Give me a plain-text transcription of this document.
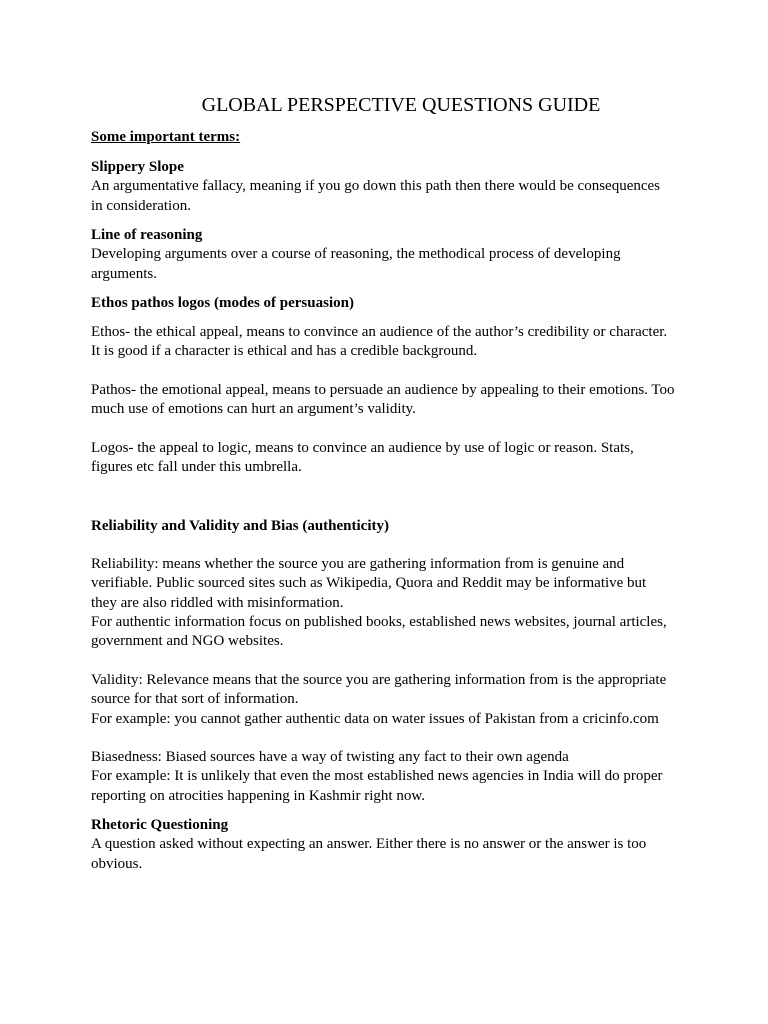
GLOBAL PERSPECTIVE QUESTIONS GUIDE
Some important terms:
Slippery Slope
An argumentative fallacy, meaning if you go down this path then there would be consequences
in consideration.
Line of reasoning
Developing arguments over a course of reasoning, the methodical process of developing
arguments.
Ethos pathos logos (modes of persuasion)
Ethos- the ethical appeal, means to convince an audience of the author’s credibility or character.
It is good if a character is ethical and has a credible background.
Pathos- the emotional appeal, means to persuade an audience by appealing to their emotions. Too
much use of emotions can hurt an argument’s validity.
Logos- the appeal to logic, means to convince an audience by use of logic or reason. Stats,
figures etc fall under this umbrella.
Reliability and Validity and Bias (authenticity)
Reliability: means whether the source you are gathering information from is genuine and
verifiable. Public sourced sites such as Wikipedia, Quora and Reddit may be informative but
they are also riddled with misinformation.
For authentic information focus on published books, established news websites, journal articles,
government and NGO websites.
Validity: Relevance means that the source you are gathering information from is the appropriate
source for that sort of information.
For example: you cannot gather authentic data on water issues of Pakistan from a cricinfo.com
Biasedness: Biased sources have a way of twisting any fact to their own agenda
For example: It is unlikely that even the most established news agencies in India will do proper
reporting on atrocities happening in Kashmir right now.
Rhetoric Questioning
A question asked without expecting an answer. Either there is no answer or the answer is too
obvious.
